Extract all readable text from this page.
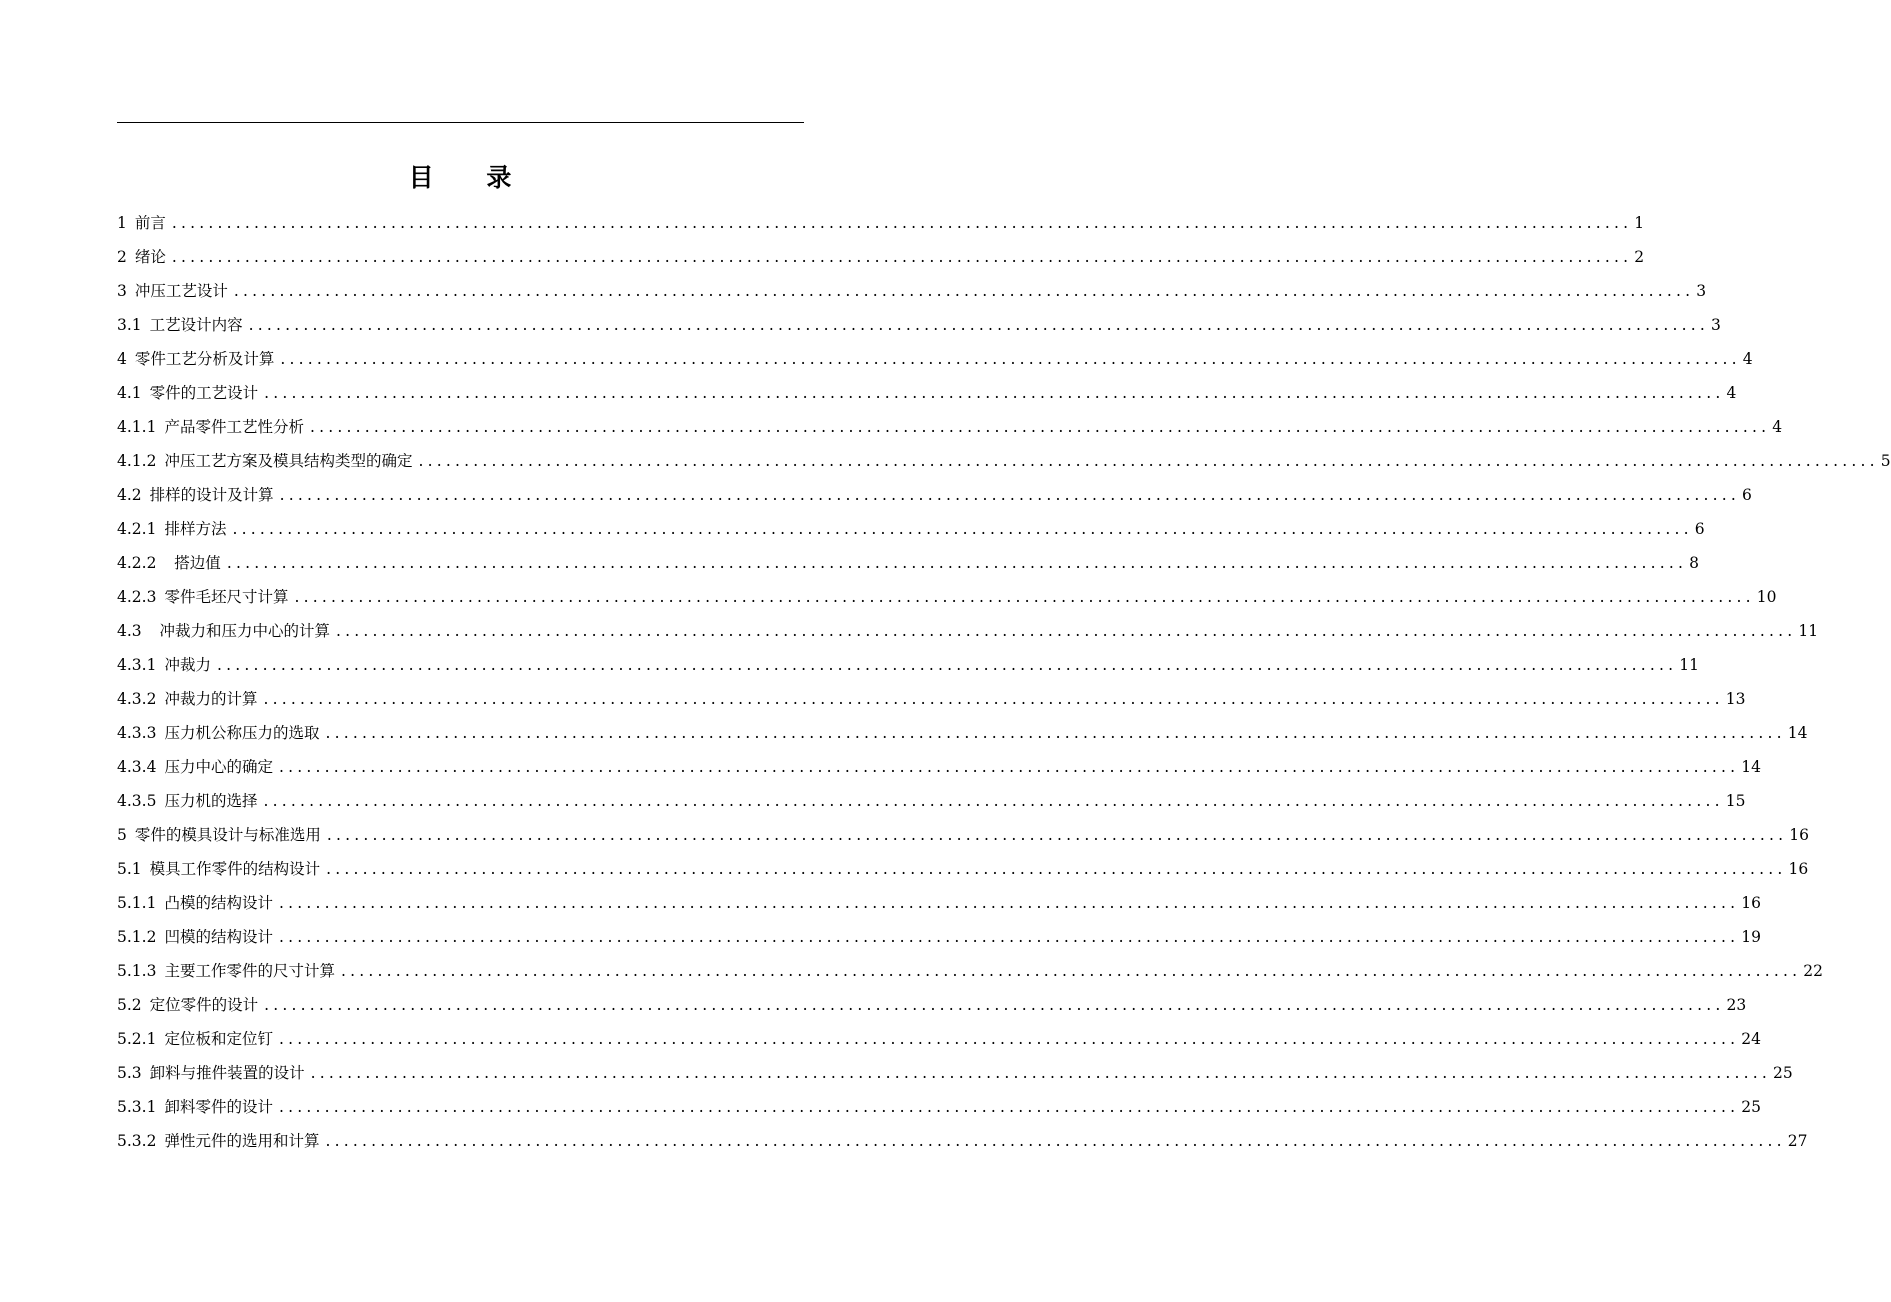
目 录
1 前言 ................................................................................................................................................................ 1
2 绪论 ................................................................................................................................................................ 2
3 冲压工艺设计 ................................................................................................................................................................ 3
3.1 工艺设计内容 ................................................................................................................................................................ 3
4 零件工艺分析及计算 ................................................................................................................................................................ 4
4.1 零件的工艺设计 ................................................................................................................................................................ 4
4.1.1 产品零件工艺性分析 ................................................................................................................................................................ 4
4.1.2 冲压工艺方案及模具结构类型的确定 ................................................................................................................................................................ 5
4.2 排样的设计及计算 ................................................................................................................................................................ 6
4.2.1 排样方法 ................................................................................................................................................................ 6
4.2.2 搭边值 ................................................................................................................................................................ 8
4.2.3 零件毛坯尺寸计算 ................................................................................................................................................................ 10
4.3 冲裁力和压力中心的计算 ................................................................................................................................................................ 11
4.3.1 冲裁力 ................................................................................................................................................................ 11
4.3.2 冲裁力的计算 ................................................................................................................................................................ 13
4.3.3 压力机公称压力的选取 ................................................................................................................................................................ 14
4.3.4 压力中心的确定 ................................................................................................................................................................ 14
4.3.5 压力机的选择 ................................................................................................................................................................ 15
5 零件的模具设计与标准选用 ................................................................................................................................................................ 16
5.1 模具工作零件的结构设计 ................................................................................................................................................................ 16
5.1.1 凸模的结构设计 ................................................................................................................................................................ 16
5.1.2 凹模的结构设计 ................................................................................................................................................................ 19
5.1.3 主要工作零件的尺寸计算 ................................................................................................................................................................ 22
5.2 定位零件的设计 ................................................................................................................................................................ 23
5.2.1 定位板和定位钉 ................................................................................................................................................................ 24
5.3 卸料与推件装置的设计 ................................................................................................................................................................ 25
5.3.1 卸料零件的设计 ................................................................................................................................................................ 25
5.3.2 弹性元件的选用和计算 ................................................................................................................................................................ 27
